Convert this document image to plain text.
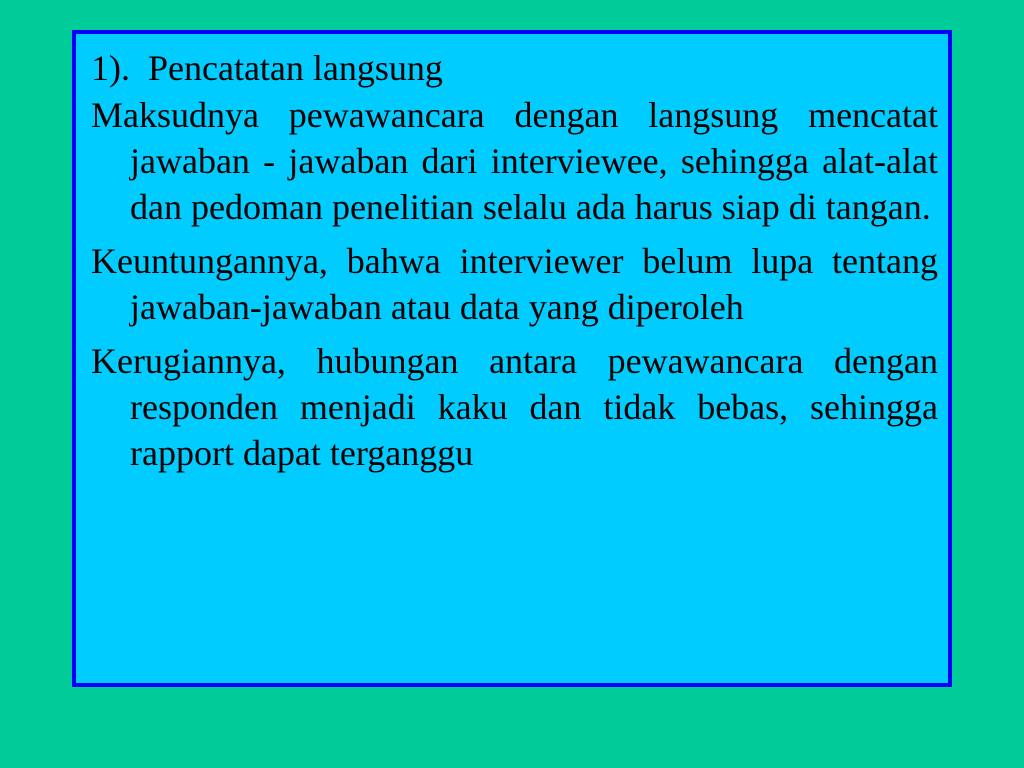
1).  Pencatatan langsung

Maksudnya pewawancara dengan langsung mencatat jawaban - jawaban dari interviewee, sehingga alat-alat dan pedoman penelitian selalu ada harus siap di tangan.

Keuntungannya, bahwa interviewer belum lupa tentang jawaban-jawaban atau data yang diperoleh

Kerugiannya, hubungan antara pewawancara dengan responden menjadi kaku dan tidak bebas, sehingga rapport dapat terganggu
